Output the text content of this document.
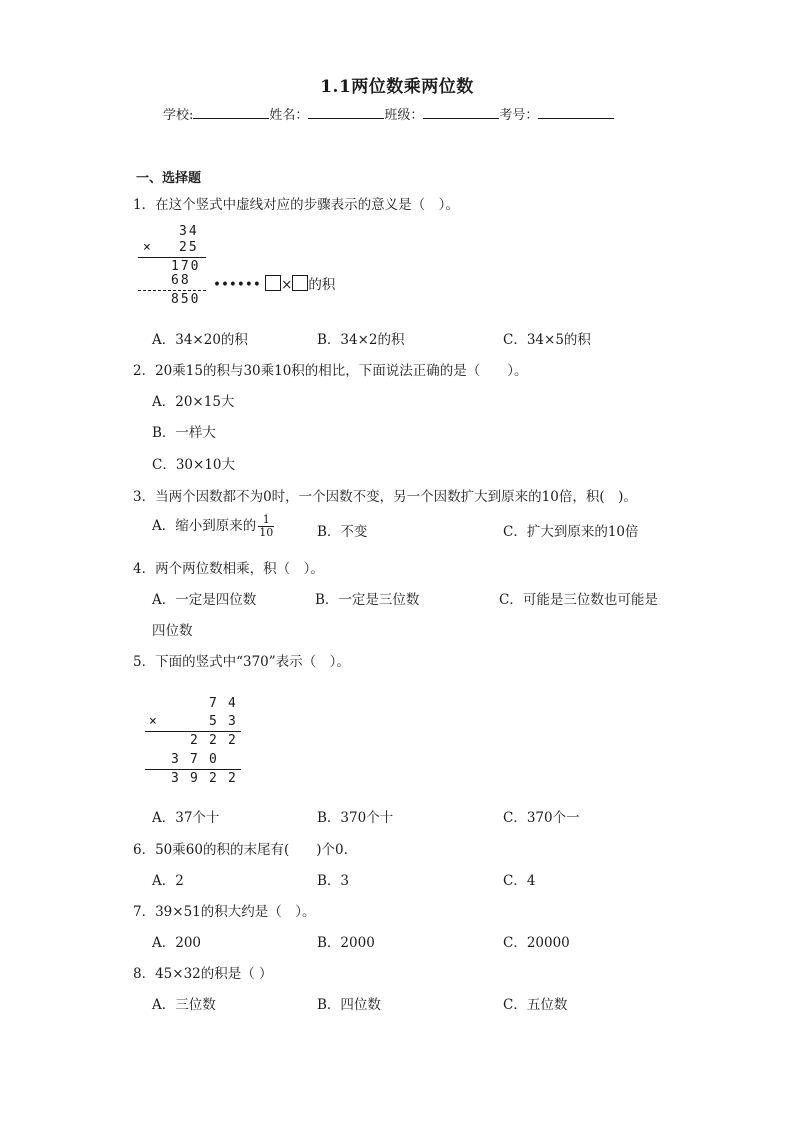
1.1两位数乘两位数
学校:	姓名：	班级：	考号：
一、选择题
1．在这个竖式中虚线对应的步骤表示的意义是（　）。
34
× 25
170
68 •••••• × 的积
850
A．34×20的积	B．34×2的积	C．34×5的积
2．20乘15的积与30乘10积的相比，下面说法正确的是（　　）。
A．20×15大
B．一样大
C．30×10大
3．当两个因数都不为0时，一个因数不变，另一个因数扩大到原来的10倍，积(　)。
A．缩小到原来的 $\frac{1}{10}$	B．不变	C．扩大到原来的10倍
4．两个两位数相乘，积（　）。
A．一定是四位数	B．一定是三位数	C．可能是三位数也可能是
四位数
5．下面的竖式中“370”表示（　）。
7 4
×	5 3
2 2 2
3 7 0
3 9 2 2
A．37个十	B．370个十	C．370个一
6．50乘60的积的末尾有(　　)个0.
A．2	B．3	C．4
7．39×51的积大约是（　）。
A．200	B．2000	C．20000
8．45×32的积是（ ）
A．三位数	B．四位数	C．五位数
